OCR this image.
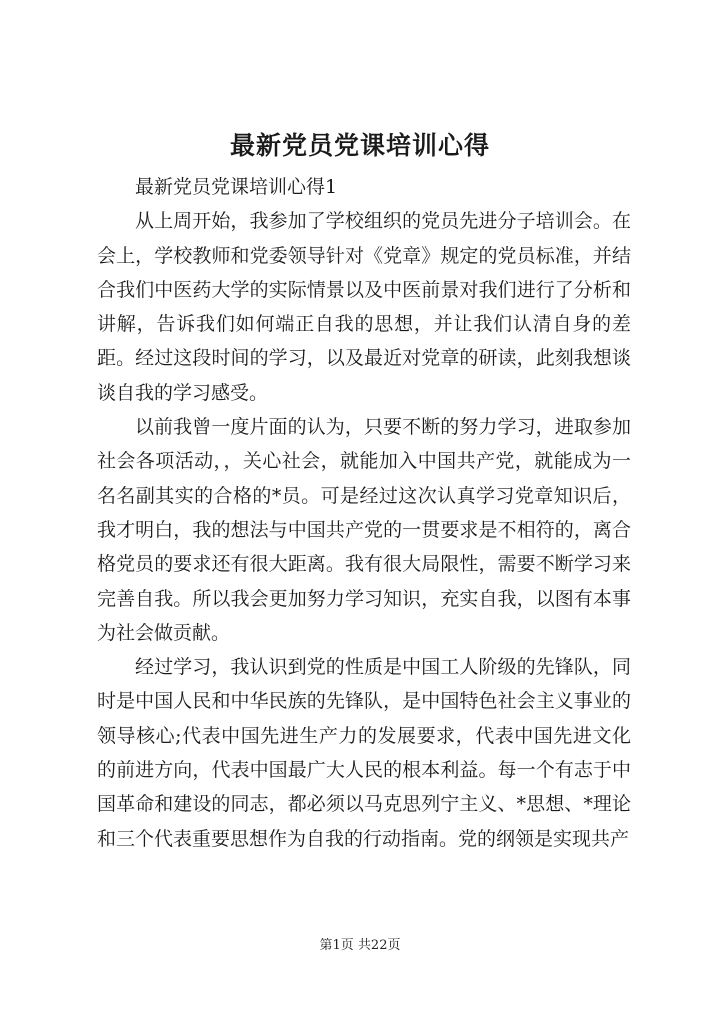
最新党员党课培训心得

最新党员党课培训心得1

从上周开始，我参加了学校组织的党员先进分子培训会。在会上，学校教师和党委领导针对《党章》规定的党员标准，并结合我们中医药大学的实际情景以及中医前景对我们进行了分析和讲解，告诉我们如何端正自我的思想，并让我们认清自身的差距。经过这段时间的学习，以及最近对党章的研读，此刻我想谈谈自我的学习感受。

以前我曾一度片面的认为，只要不断的努力学习，进取参加社会各项活动，，关心社会，就能加入中国共产党，就能成为一名名副其实的合格的*员。可是经过这次认真学习党章知识后，我才明白，我的想法与中国共产党的一贯要求是不相符的，离合格党员的要求还有很大距离。我有很大局限性，需要不断学习来完善自我。所以我会更加努力学习知识，充实自我，以图有本事为社会做贡献。

经过学习，我认识到党的性质是中国工人阶级的先锋队，同时是中国人民和中华民族的先锋队，是中国特色社会主义事业的领导核心;代表中国先进生产力的发展要求，代表中国先进文化的前进方向，代表中国最广大人民的根本利益。每一个有志于中国革命和建设的同志，都必须以马克思列宁主义、*思想、*理论和三个代表重要思想作为自我的行动指南。党的纲领是实现共产

第1页 共22页
